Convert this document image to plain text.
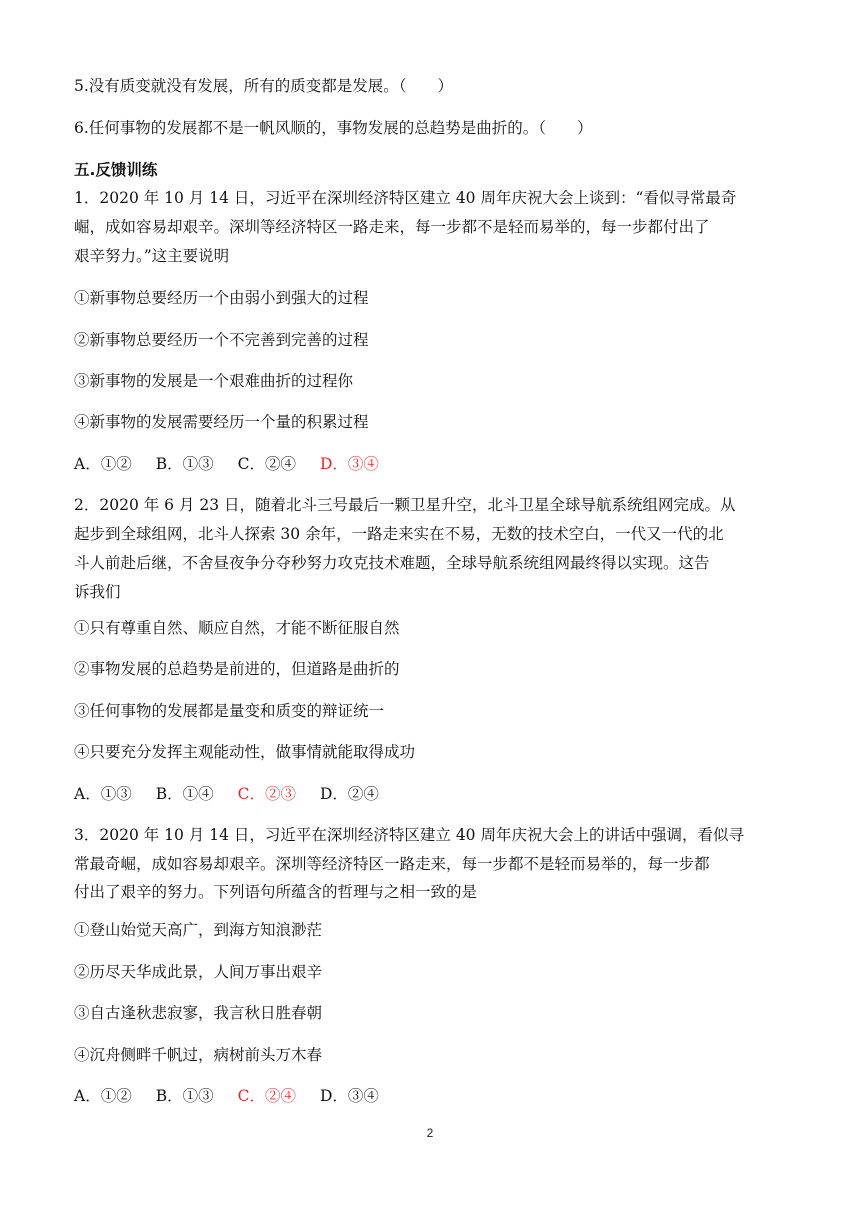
5.没有质变就没有发展，所有的质变都是发展。（　　）
6.任何事物的发展都不是一帆风顺的，事物发展的总趋势是曲折的。（　　）
五.反馈训练
1．2020 年 10 月 14 日，习近平在深圳经济特区建立 40 周年庆祝大会上谈到：“看似寻常最奇
崛，成如容易却艰辛。深圳等经济特区一路走来，每一步都不是轻而易举的，每一步都付出了
艰辛努力。”这主要说明
①新事物总要经历一个由弱小到强大的过程
②新事物总要经历一个不完善到完善的过程
③新事物的发展是一个艰难曲折的过程你
④新事物的发展需要经历一个量的积累过程
A．①② B．①③ C．②④ D．③④
2．2020 年 6 月 23 日，随着北斗三号最后一颗卫星升空，北斗卫星全球导航系统组网完成。从
起步到全球组网，北斗人探索 30 余年，一路走来实在不易，无数的技术空白，一代又一代的北
斗人前赴后继，不舍昼夜争分夺秒努力攻克技术难题，全球导航系统组网最终得以实现。这告
诉我们
①只有尊重自然、顺应自然，才能不断征服自然
②事物发展的总趋势是前进的，但道路是曲折的
③任何事物的发展都是量变和质变的辩证统一
④只要充分发挥主观能动性，做事情就能取得成功
A．①③ B．①④ C．②③ D．②④
3．2020 年 10 月 14 日，习近平在深圳经济特区建立 40 周年庆祝大会上的讲话中强调，看似寻
常最奇崛，成如容易却艰辛。深圳等经济特区一路走来，每一步都不是轻而易举的，每一步都
付出了艰辛的努力。下列语句所蕴含的哲理与之相一致的是
①登山始觉天高广，到海方知浪渺茫
②历尽天华成此景，人间万事出艰辛
③自古逢秋悲寂寥，我言秋日胜春朝
④沉舟侧畔千帆过，病树前头万木春
A．①② B．①③ C．②④ D．③④
2
